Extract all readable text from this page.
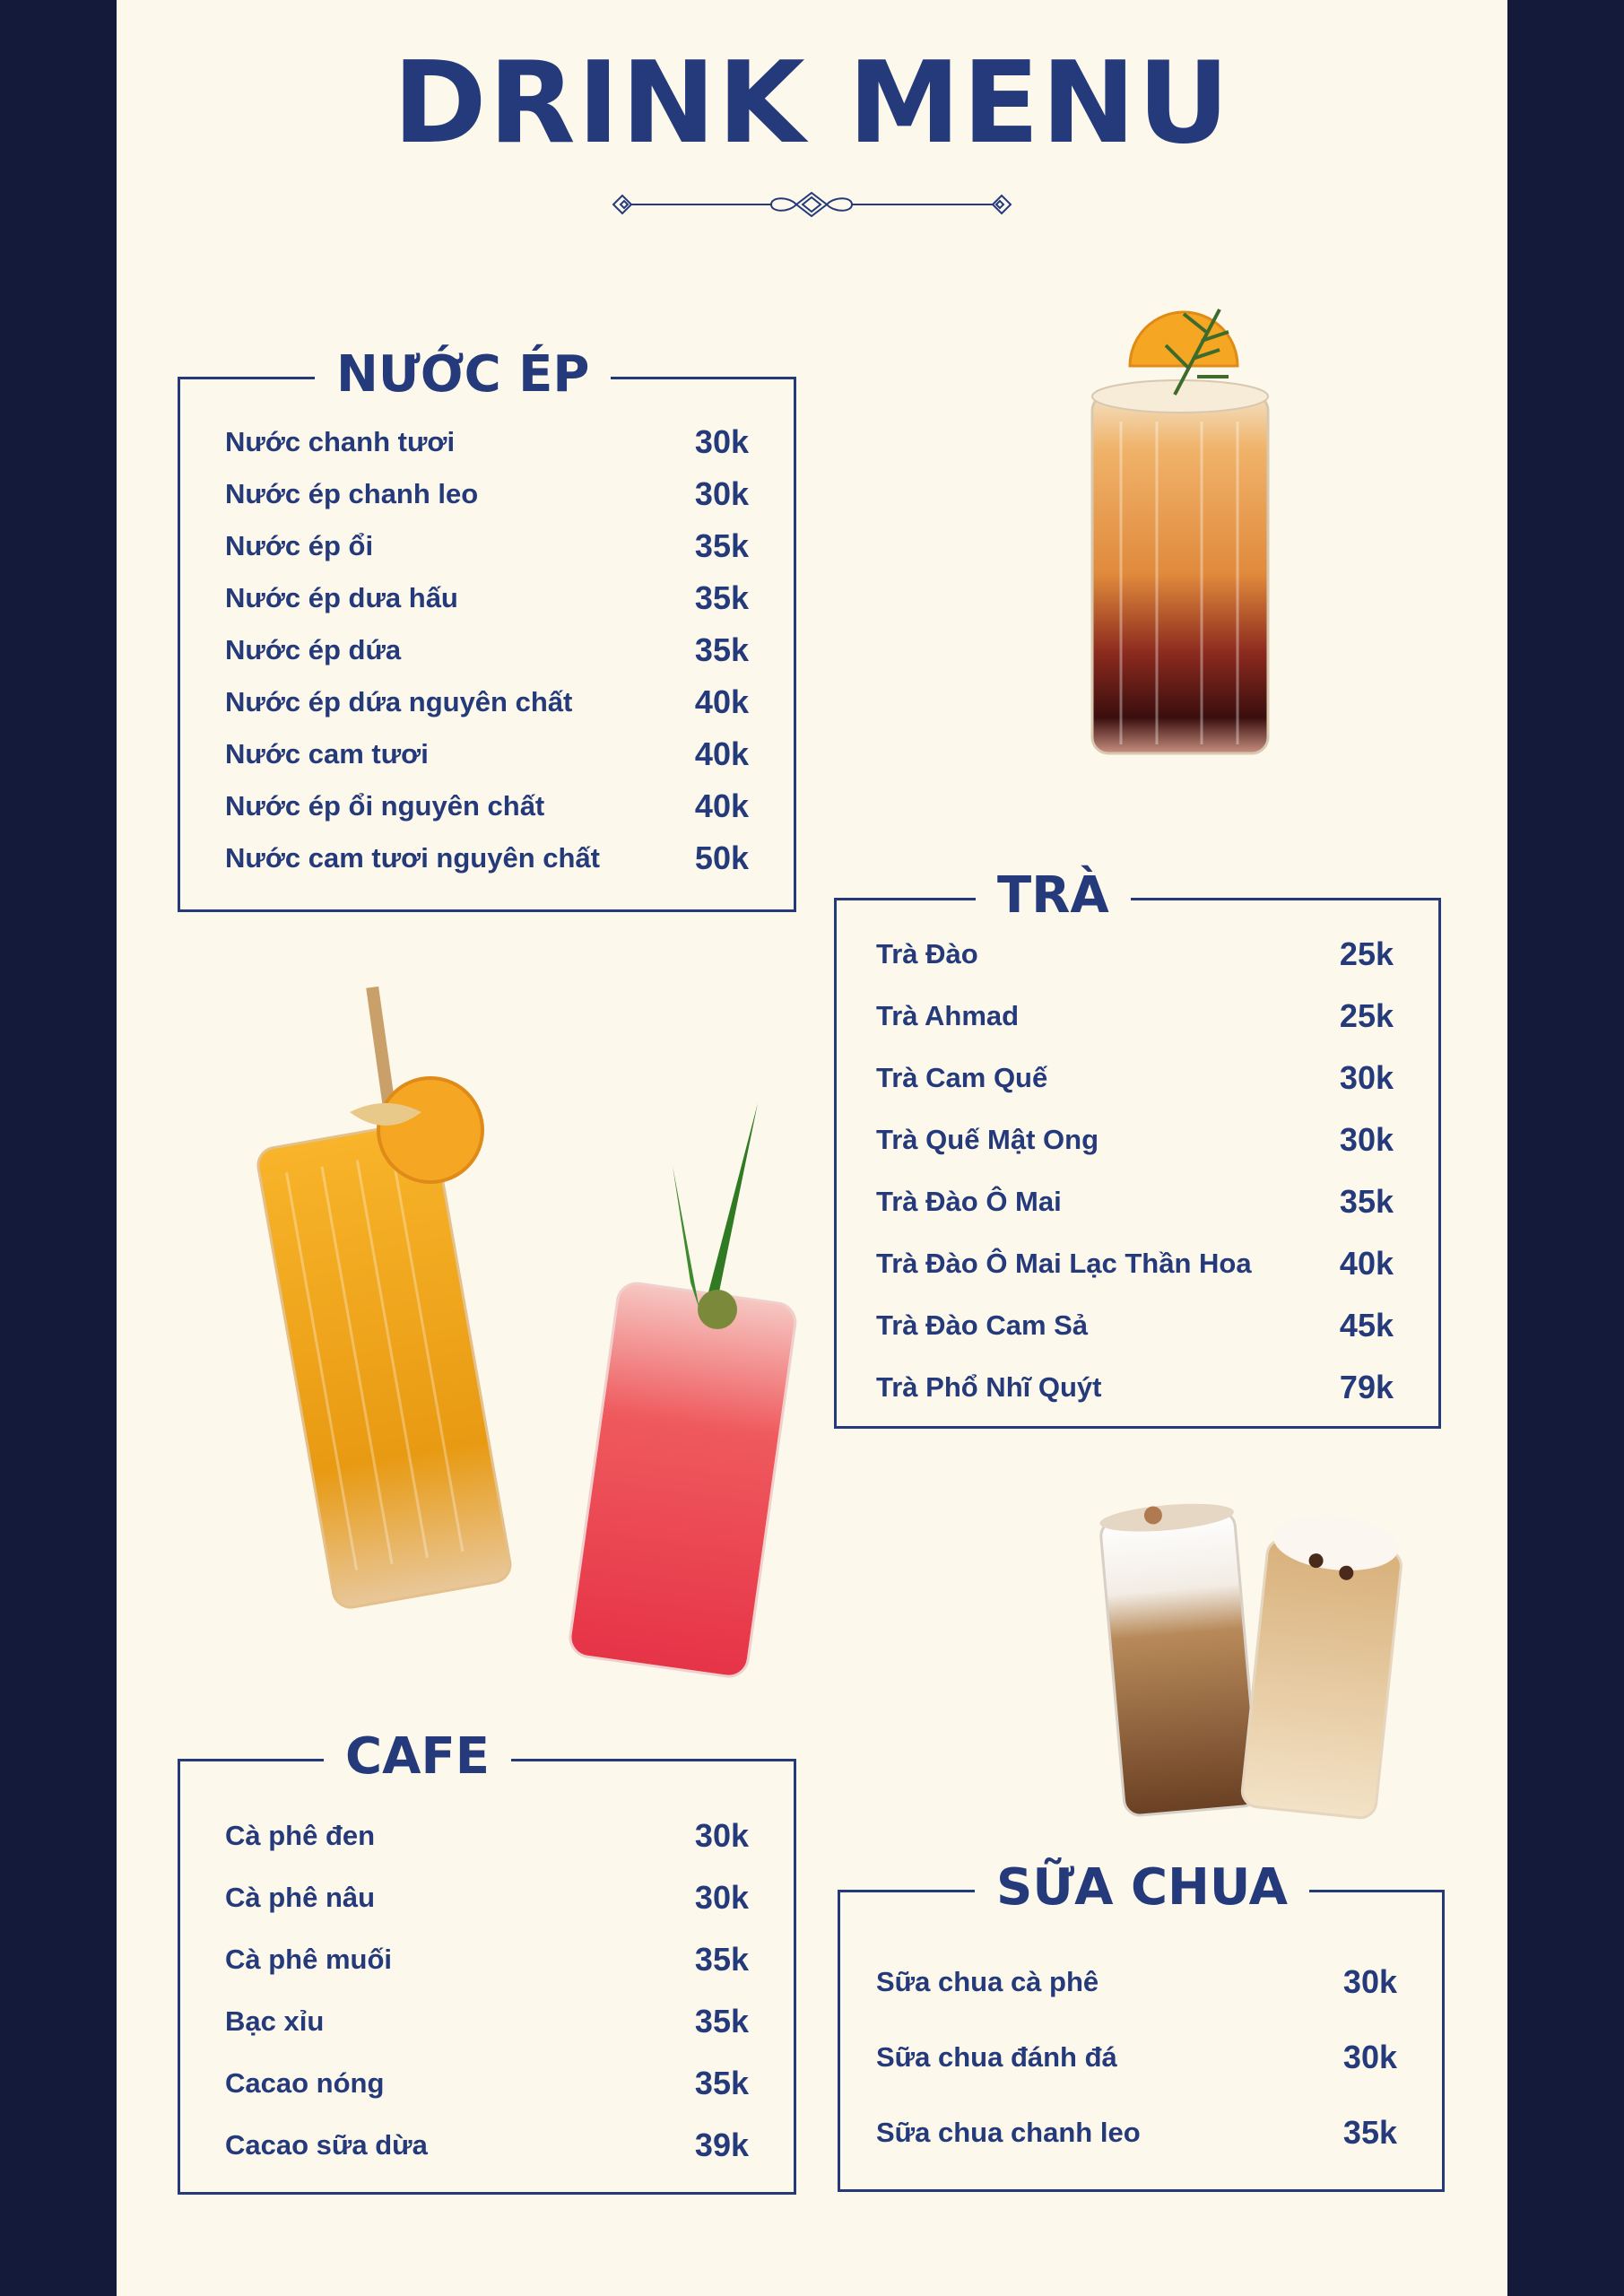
DRINK MENU
NƯỚC ÉP
Nước chanh tươi	30k
Nước ép chanh leo	30k
Nước ép ổi	35k
Nước ép dưa hấu	35k
Nước ép dứa	35k
Nước ép dứa nguyên chất	40k
Nước cam tươi	40k
Nước ép ổi nguyên chất	40k
Nước cam tươi nguyên chất	50k
TRÀ
Trà Đào	25k
Trà Ahmad	25k
Trà Cam Quế	30k
Trà Quế Mật Ong	30k
Trà Đào Ô Mai	35k
Trà Đào Ô Mai Lạc Thần Hoa	40k
Trà Đào Cam Sả	45k
Trà Phổ Nhĩ Quýt	79k
CAFE
Cà phê đen	30k
Cà phê nâu	30k
Cà phê muối	35k
Bạc xỉu	35k
Cacao nóng	35k
Cacao sữa dừa	39k
SỮA CHUA
Sữa chua cà phê	30k
Sữa chua đánh đá	30k
Sữa chua chanh leo	35k
